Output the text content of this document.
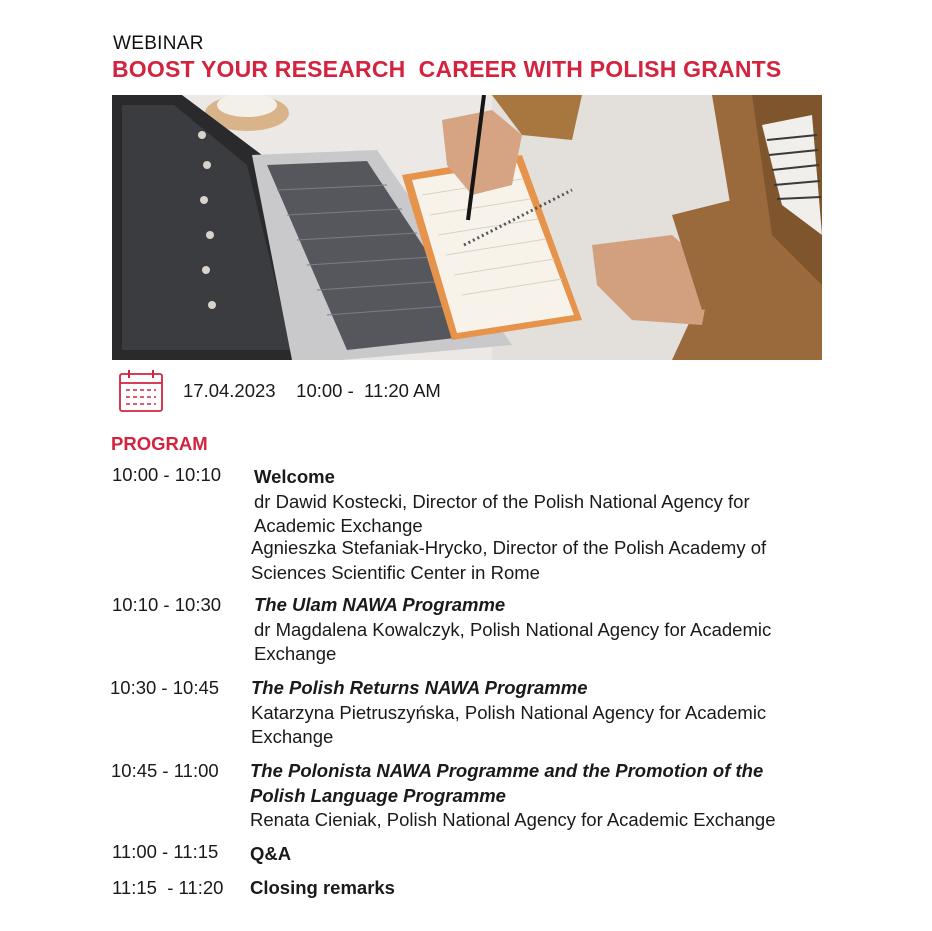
WEBINAR
BOOST YOUR RESEARCH  CAREER WITH POLISH GRANTS
17.04.2023    10:00 -  11:20 AM
PROGRAM
10:00 - 10:10 Welcome
dr Dawid Kostecki, Director of the Polish National Agency for Academic Exchange
Agnieszka Stefaniak-Hrycko, Director of the Polish Academy of Sciences Scientific Center in Rome
10:10 - 10:30 The Ulam NAWA Programme
dr Magdalena Kowalczyk, Polish National Agency for Academic Exchange
10:30 - 10:45 The Polish Returns NAWA Programme
Katarzyna Pietruszyńska, Polish National Agency for Academic Exchange
10:45 - 11:00 The Polonista NAWA Programme and the Promotion of the Polish Language Programme
Renata Cieniak, Polish National Agency for Academic Exchange
11:00 - 11:15 Q&A
11:15  - 11:20 Closing remarks
